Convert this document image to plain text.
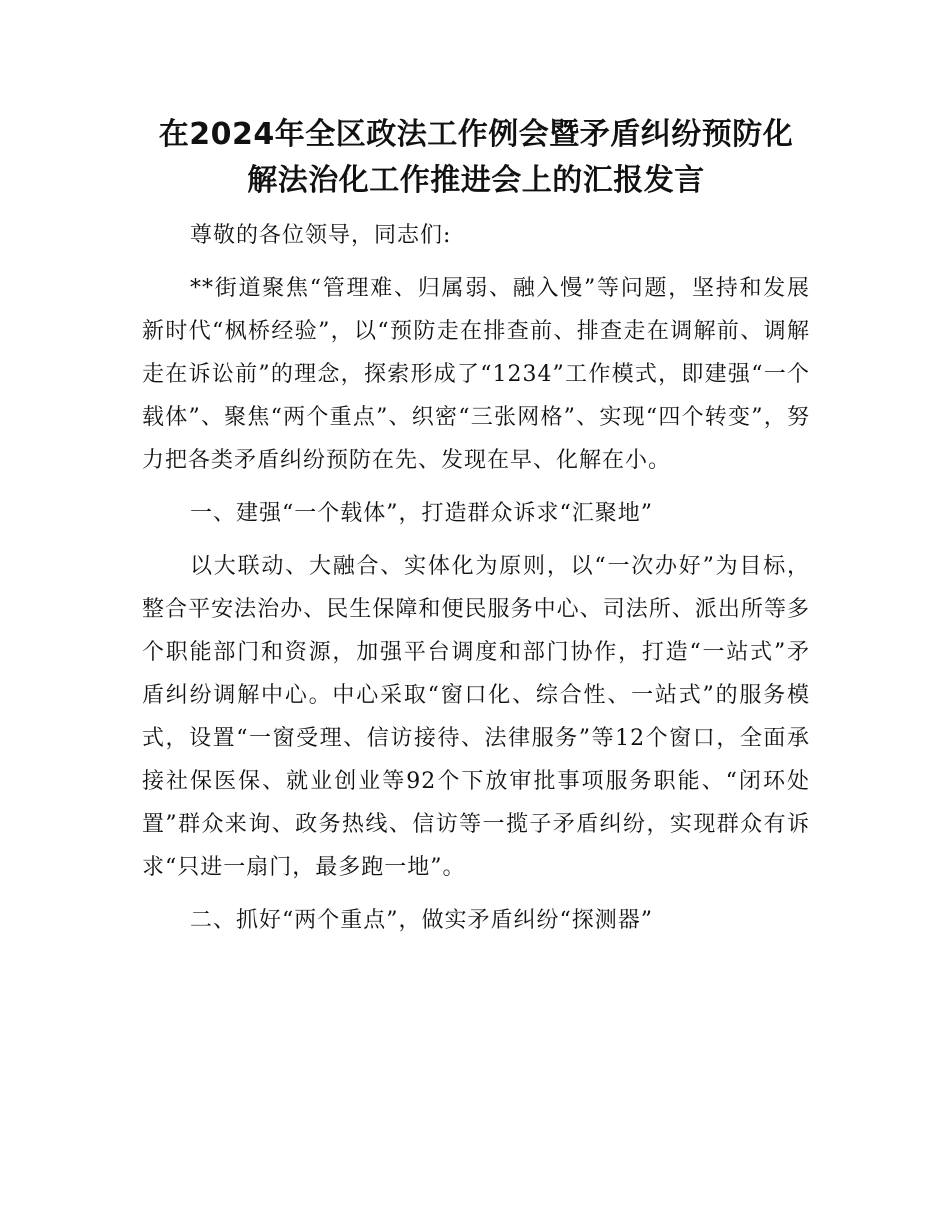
在2024年全区政法工作例会暨矛盾纠纷预防化
解法治化工作推进会上的汇报发言

尊敬的各位领导，同志们:

**街道聚焦“管理难、归属弱、融入慢”等问题，坚持和发展新时代“枫桥经验”，以“预防走在排查前、排查走在调解前、调解走在诉讼前”的理念，探索形成了“1234”工作模式，即建强“一个载体”、聚焦“两个重点”、织密“三张网格”、实现“四个转变”，努力把各类矛盾纠纷预防在先、发现在早、化解在小。

一、建强“一个载体”，打造群众诉求“汇聚地”

以大联动、大融合、实体化为原则，以“一次办好”为目标，整合平安法治办、民生保障和便民服务中心、司法所、派出所等多个职能部门和资源，加强平台调度和部门协作，打造“一站式”矛盾纠纷调解中心。中心采取“窗口化、综合性、一站式”的服务模式，设置“一窗受理、信访接待、法律服务”等12个窗口，全面承接社保医保、就业创业等92个下放审批事项服务职能、“闭环处置”群众来询、政务热线、信访等一揽子矛盾纠纷，实现群众有诉求“只进一扇门，最多跑一地”。

二、抓好“两个重点”，做实矛盾纠纷“探测器”
